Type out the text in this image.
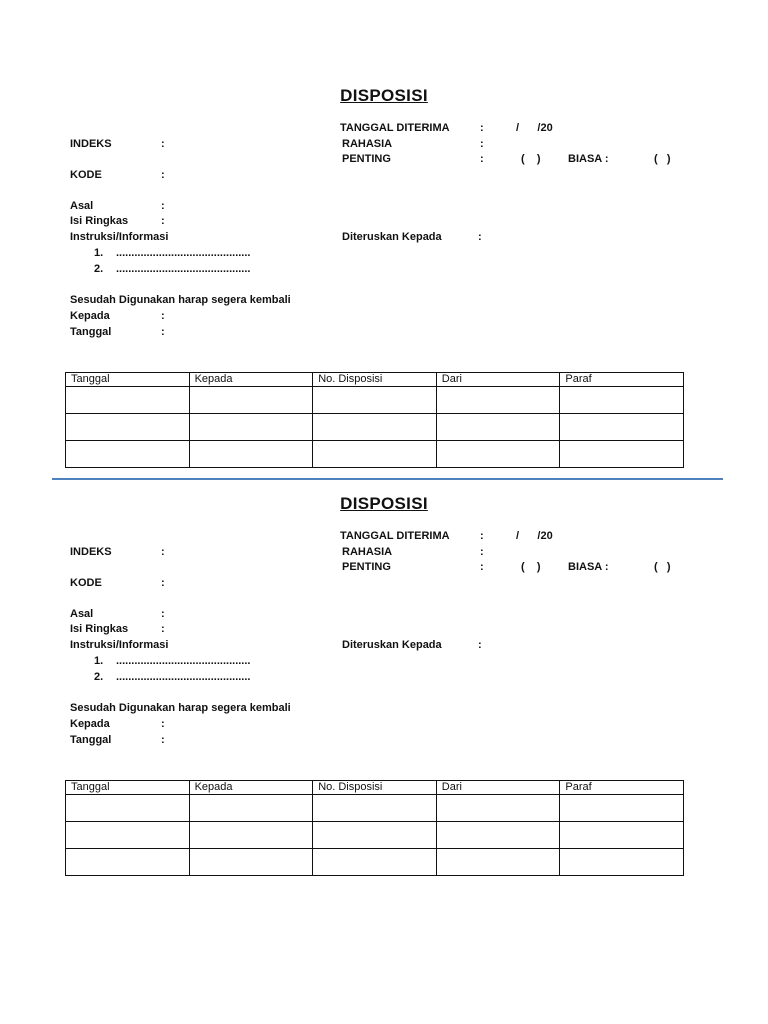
DISPOSISI
TANGGAL DITERIMA	:	/      /20
INDEKS	:	RAHASIA	:
PENTING	:	(    ) BIASA :	(   )
KODE	:
Asal	:
Isi Ringkas	:
Instruksi/Informasi	Diteruskan Kepada	:
1. ............................................
2. ............................................
Sesudah Digunakan harap segera kembali
Kepada	:
Tanggal	:
Tanggal	Kepada	No. Disposisi	Dari	Paraf

DISPOSISI
TANGGAL DITERIMA	:	/      /20
INDEKS	:	RAHASIA	:
PENTING	:	(    ) BIASA :	(   )
KODE	:
Asal	:
Isi Ringkas	:
Instruksi/Informasi	Diteruskan Kepada	:
1. ............................................
2. ............................................
Sesudah Digunakan harap segera kembali
Kepada	:
Tanggal	:
Tanggal	Kepada	No. Disposisi	Dari	Paraf
